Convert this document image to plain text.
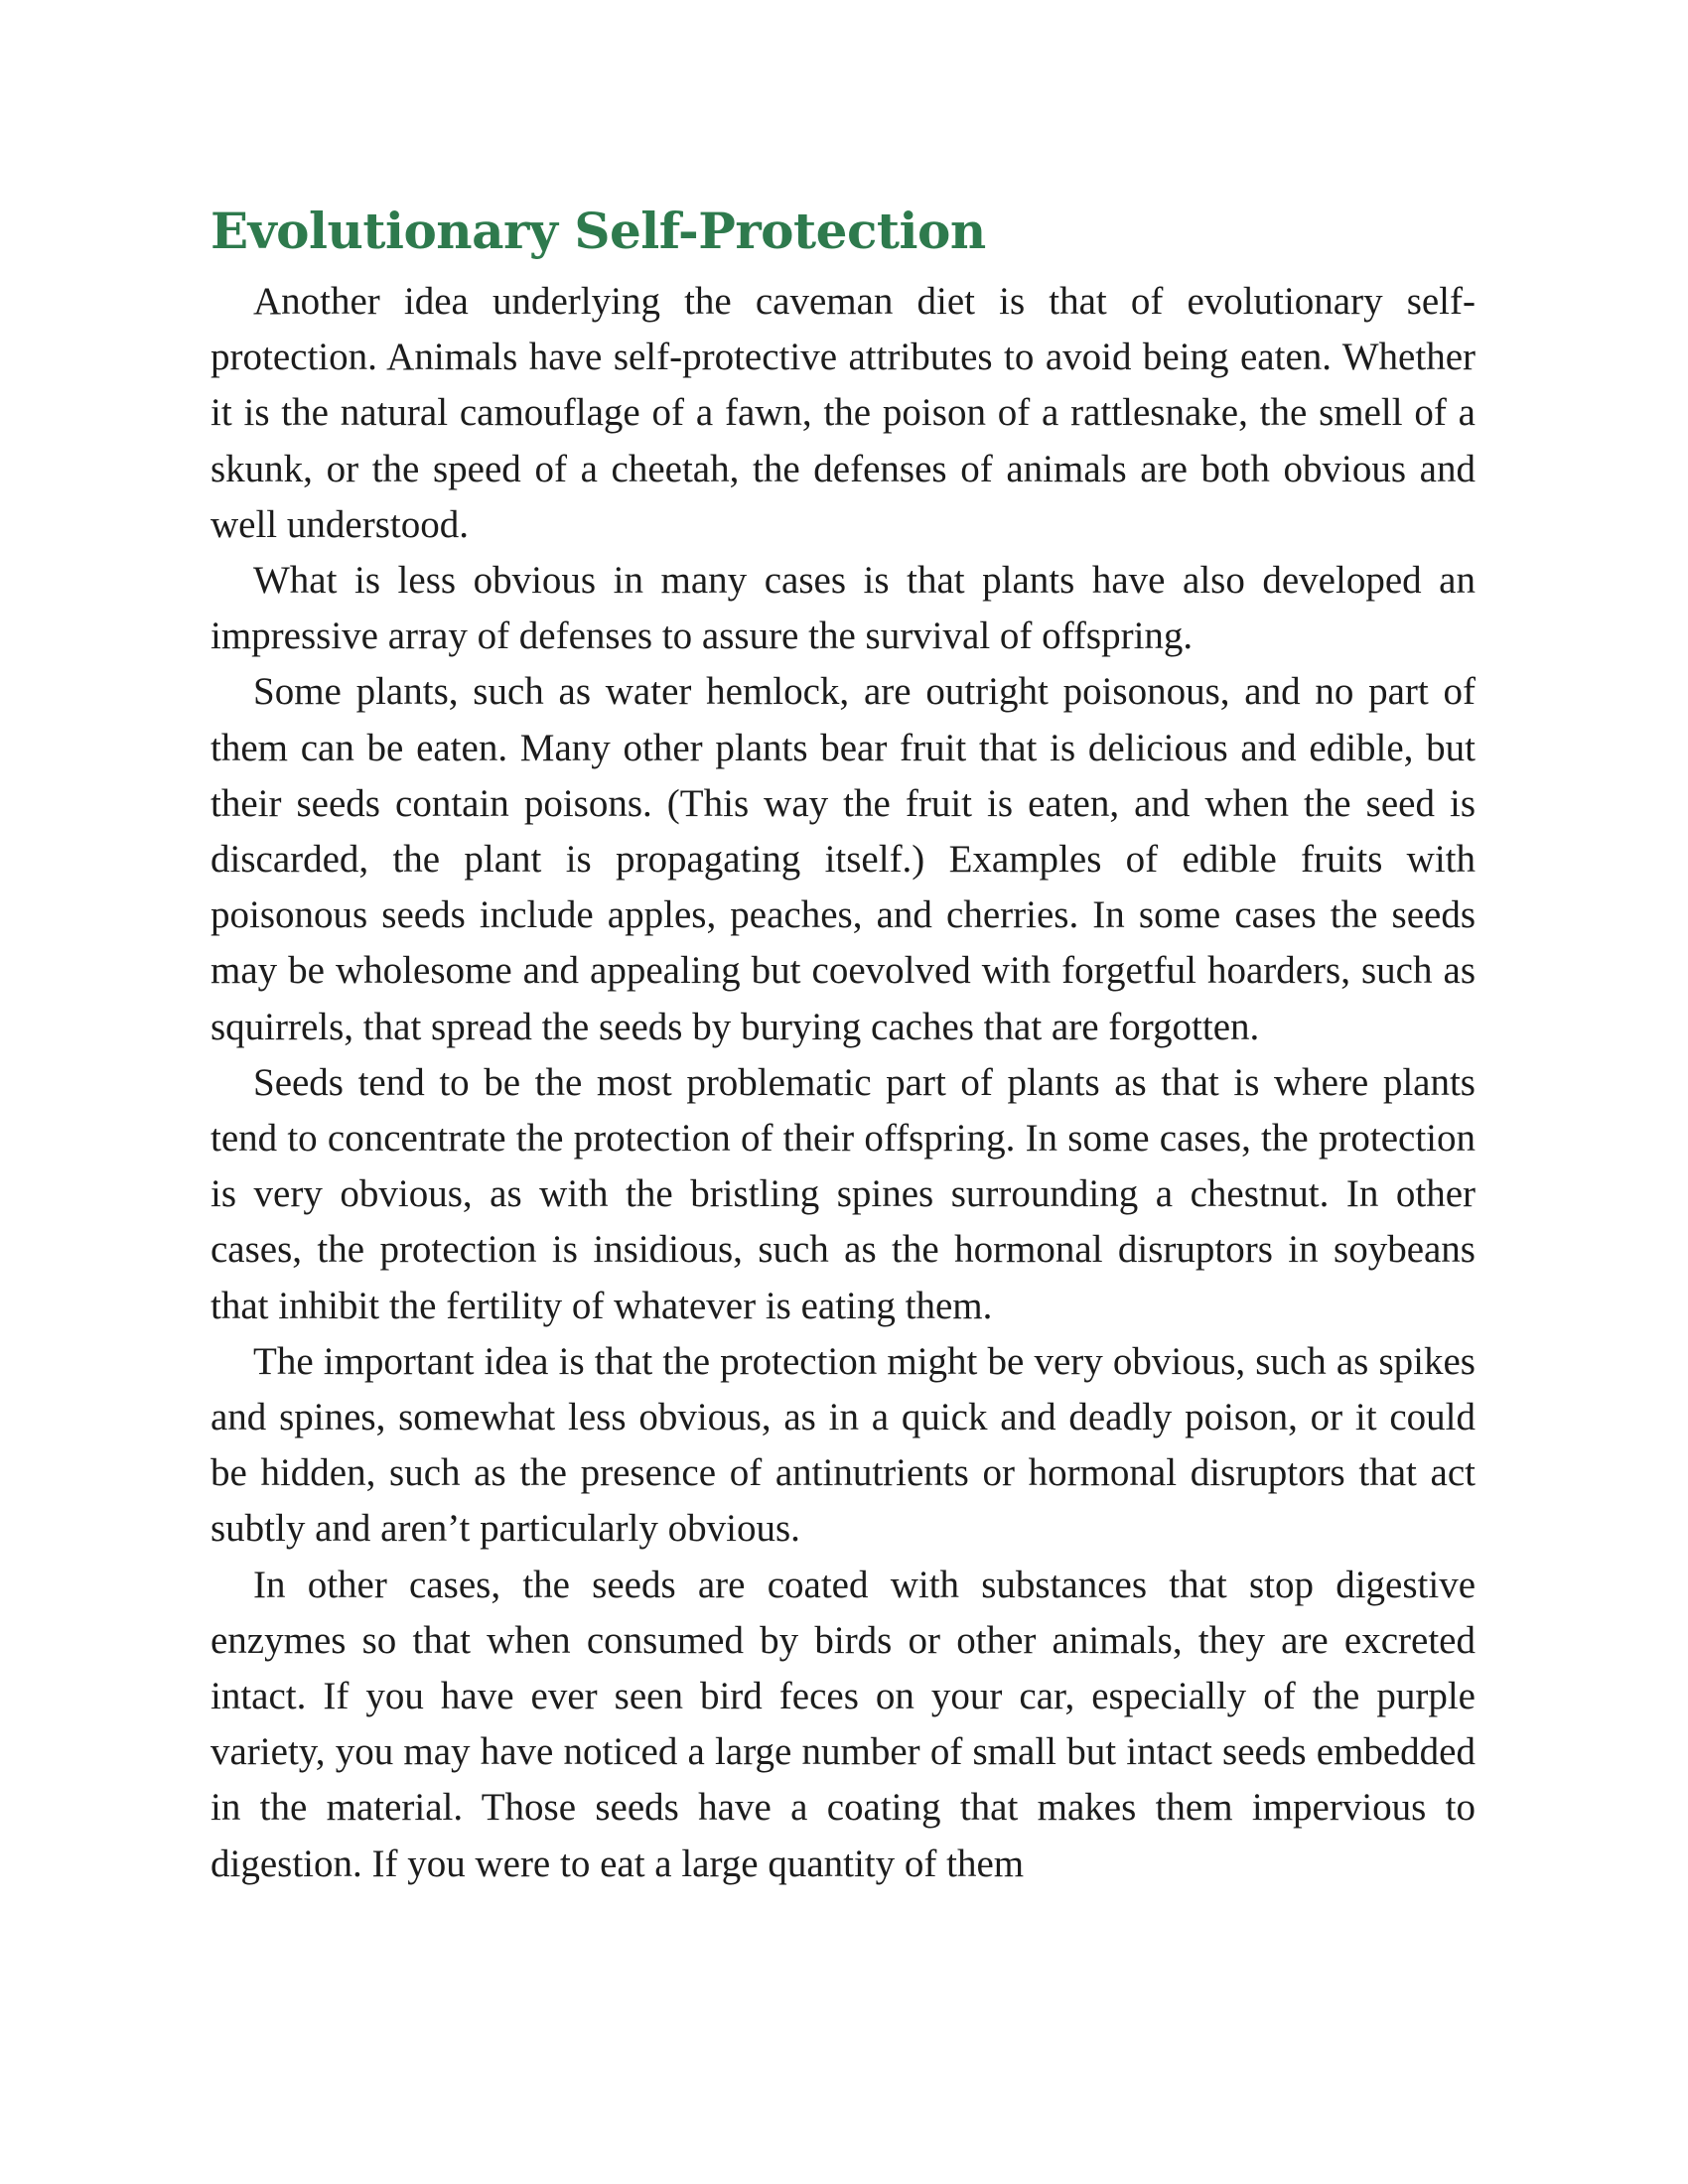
Evolutionary Self-Protection

Another idea underlying the caveman diet is that of evolutionary self-protection. Animals have self-protective attributes to avoid being eaten. Whether it is the natural camouflage of a fawn, the poison of a rattlesnake, the smell of a skunk, or the speed of a cheetah, the defenses of animals are both obvious and well understood.

What is less obvious in many cases is that plants have also developed an impressive array of defenses to assure the survival of offspring.

Some plants, such as water hemlock, are outright poisonous, and no part of them can be eaten. Many other plants bear fruit that is delicious and edible, but their seeds contain poisons. (This way the fruit is eaten, and when the seed is discarded, the plant is propagating itself.) Examples of edible fruits with poisonous seeds include apples, peaches, and cherries. In some cases the seeds may be wholesome and appealing but coevolved with forgetful hoarders, such as squirrels, that spread the seeds by burying caches that are forgotten.

Seeds tend to be the most problematic part of plants as that is where plants tend to concentrate the protection of their offspring. In some cases, the protection is very obvious, as with the bristling spines surrounding a chestnut. In other cases, the protection is insidious, such as the hormonal disruptors in soybeans that inhibit the fertility of whatever is eating them.

The important idea is that the protection might be very obvious, such as spikes and spines, somewhat less obvious, as in a quick and deadly poison, or it could be hidden, such as the presence of antinutrients or hormonal disruptors that act subtly and aren’t particularly obvious.

In other cases, the seeds are coated with substances that stop digestive enzymes so that when consumed by birds or other animals, they are excreted intact. If you have ever seen bird feces on your car, especially of the purple variety, you may have noticed a large number of small but intact seeds embedded in the material. Those seeds have a coating that makes them impervious to digestion. If you were to eat a large quantity of them
